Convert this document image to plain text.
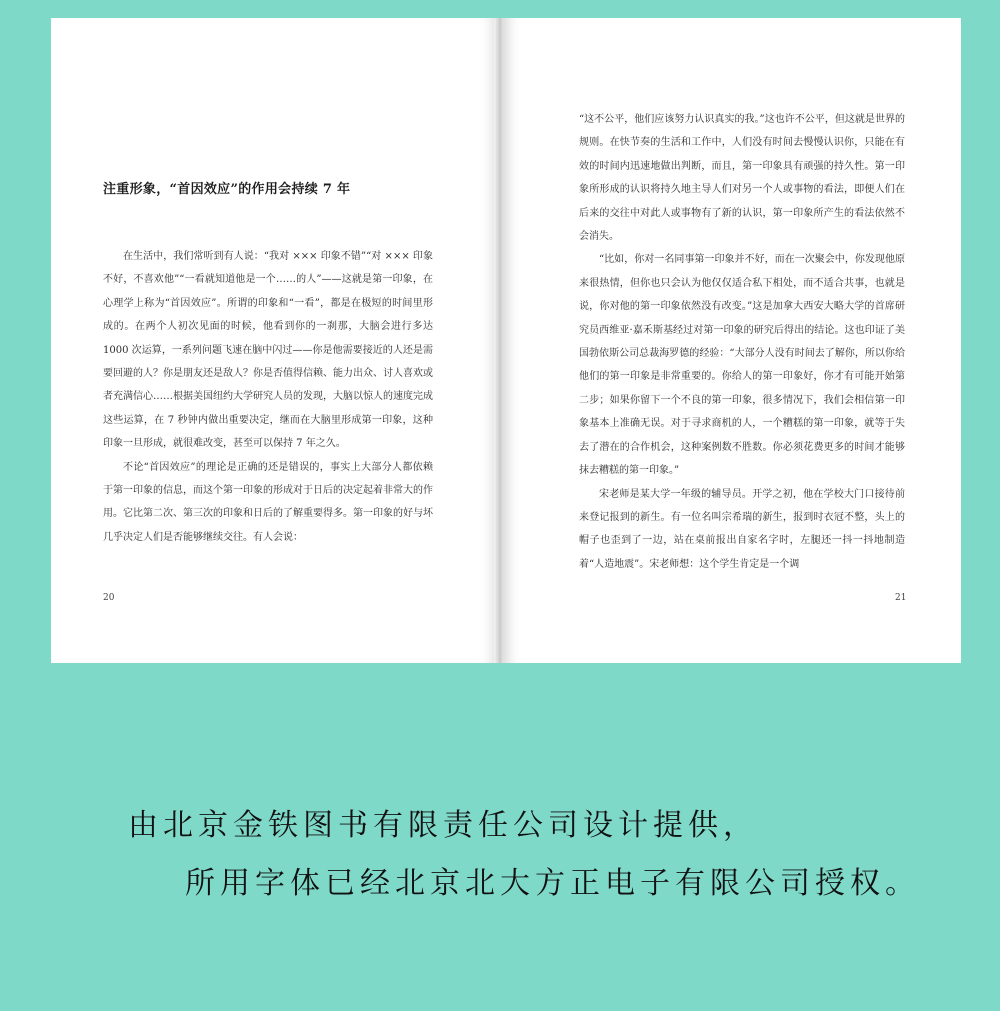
注重形象，“首因效应”的作用会持续 7 年

在生活中，我们常听到有人说：“我对 ××× 印象不错”“对 ××× 印象不好，不喜欢他”“一看就知道他是一个……的人”——这就是第一印象，在心理学上称为“首因效应”。所谓的印象和“一看”，都是在极短的时间里形成的。在两个人初次见面的时候，他看到你的一刹那，大脑会进行多达 1000 次运算，一系列问题飞速在脑中闪过——你是他需要接近的人还是需要回避的人？你是朋友还是敌人？你是否值得信赖、能力出众、讨人喜欢或者充满信心……根据美国纽约大学研究人员的发现，大脑以惊人的速度完成这些运算，在 7 秒钟内做出重要决定，继而在大脑里形成第一印象，这种印象一旦形成，就很难改变，甚至可以保持 7 年之久。

不论“首因效应”的理论是正确的还是错误的，事实上大部分人都依赖于第一印象的信息，而这个第一印象的形成对于日后的决定起着非常大的作用。它比第二次、第三次的印象和日后的了解重要得多。第一印象的好与坏几乎决定人们是否能够继续交往。有人会说：

20

“这不公平，他们应该努力认识真实的我。”这也许不公平，但这就是世界的规则。在快节奏的生活和工作中，人们没有时间去慢慢认识你，只能在有效的时间内迅速地做出判断，而且，第一印象具有顽强的持久性。第一印象所形成的认识将持久地主导人们对另一个人或事物的看法，即便人们在后来的交往中对此人或事物有了新的认识，第一印象所产生的看法依然不会消失。

“比如，你对一名同事第一印象并不好，而在一次聚会中，你发现他原来很热情，但你也只会认为他仅仅适合私下相处，而不适合共事，也就是说，你对他的第一印象依然没有改变。”这是加拿大西安大略大学的首席研究员西维亚·嘉禾斯基经过对第一印象的研究后得出的结论。这也印证了美国勃依斯公司总裁海罗德的经验：“大部分人没有时间去了解你，所以你给他们的第一印象是非常重要的。你给人的第一印象好，你才有可能开始第二步；如果你留下一个不良的第一印象，很多情况下，我们会相信第一印象基本上准确无误。对于寻求商机的人，一个糟糕的第一印象，就等于失去了潜在的合作机会，这种案例数不胜数。你必须花费更多的时间才能够抹去糟糕的第一印象。”

宋老师是某大学一年级的辅导员。开学之初，他在学校大门口接待前来登记报到的新生。有一位名叫宗希瑞的新生，报到时衣冠不整，头上的帽子也歪到了一边，站在桌前报出自家名字时，左腿还一抖一抖地制造着“人造地震”。宋老师想：这个学生肯定是一个调

21

由北京金铁图书有限责任公司设计提供，

所用字体已经北京北大方正电子有限公司授权。
